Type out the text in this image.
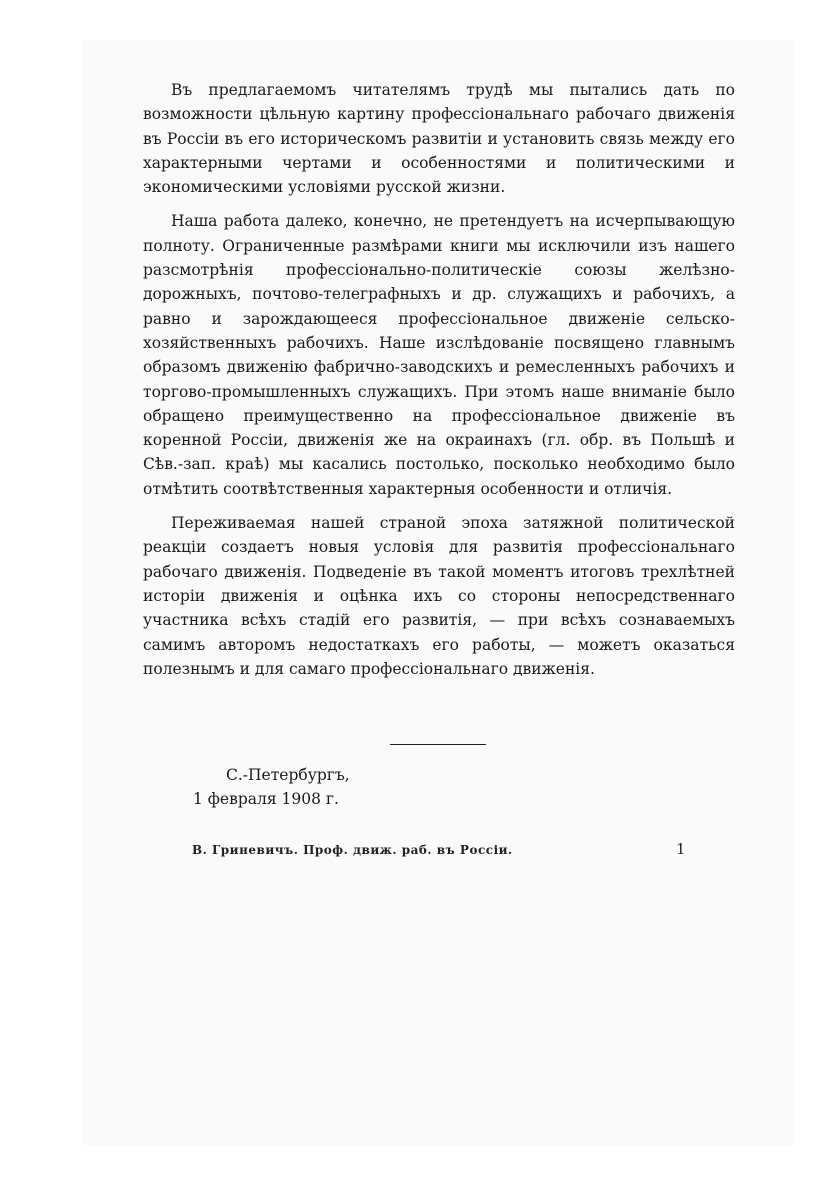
Въ предлагаемомъ читателямъ трудѣ мы пытались дать по возможности цѣльную картину профессіональнаго рабочаго движенія въ Россіи въ его историческомъ развитіи и установить связь между его характерными чертами и особенностями и политическими и экономическими условіями русской жизни.

Наша работа далеко, конечно, не претендуетъ на исчерпывающую полноту. Ограниченные размѣрами книги мы исключили изъ нашего разсмотрѣнія профессіонально-политическіе союзы желѣзно-дорожныхъ, почтово-телеграфныхъ и др. служащихъ и рабочихъ, а равно и зарождающееся профессіональное движеніе сельско-хозяйственныхъ рабочихъ. Наше изслѣдованіе посвящено главнымъ образомъ движенію фабрично-заводскихъ и ремесленныхъ рабочихъ и торгово-промышленныхъ служащихъ. При этомъ наше вниманіе было обращено преимущественно на профессіональное движеніе въ коренной Россіи, движенія же на окраинахъ (гл. обр. въ Польшѣ и Сѣв.-зап. краѣ) мы касались постолько, посколько необходимо было отмѣтить соотвѣтственныя характерныя особенности и отличія.

Переживаемая нашей страной эпоха затяжной политической реакціи создаетъ новыя условія для развитія профессіональнаго рабочаго движенія. Подведеніе въ такой моментъ итоговъ трехлѣтней исторіи движенія и оцѣнка ихъ со стороны непосредственнаго участника всѣхъ стадій его развитія, — при всѣхъ сознаваемыхъ самимъ авторомъ недостаткахъ его работы, — можетъ оказаться полезнымъ и для самаго профессіональнаго движенія.

С.-Петербургъ,
1 февраля 1908 г.
В. Гриневичъ. Проф. движ. раб. въ Россіи.	1
